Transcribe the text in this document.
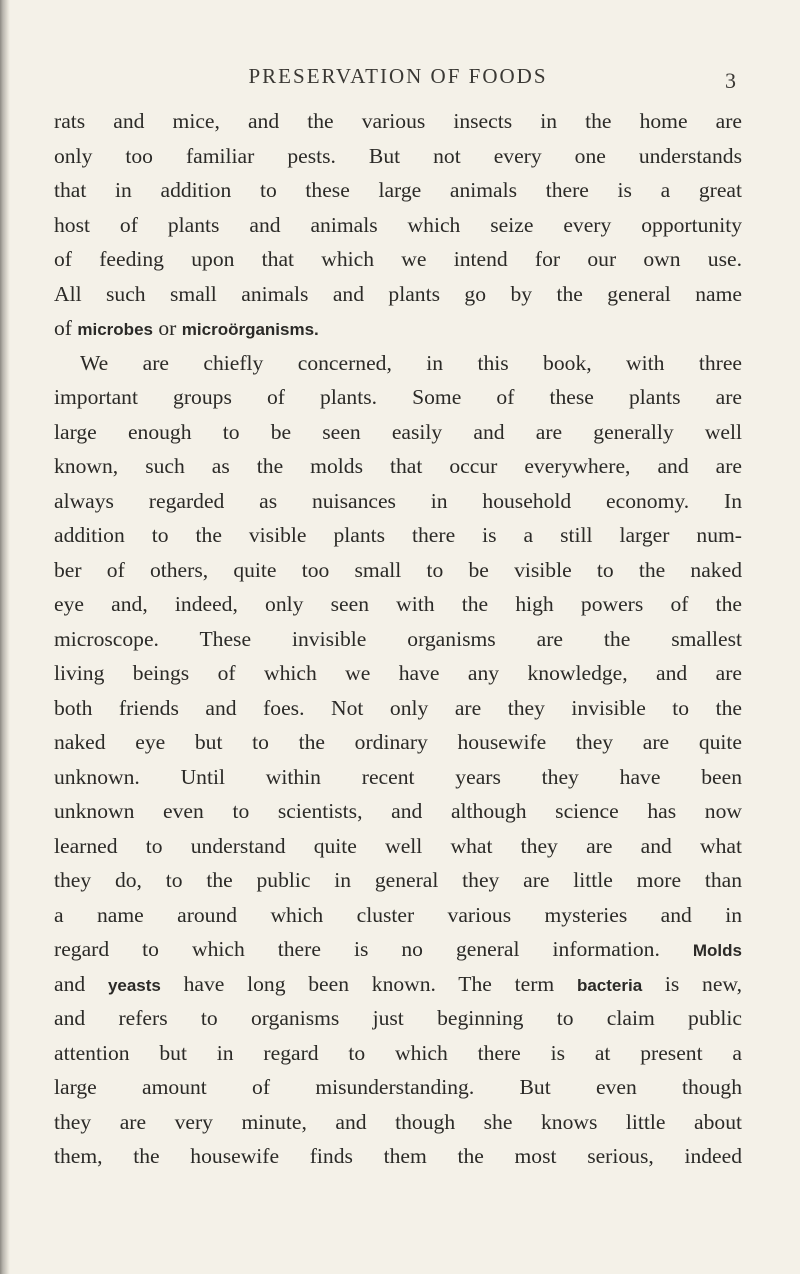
PRESERVATION OF FOODS	3
rats and mice, and the various insects in the home are
only too familiar pests. But not every one understands
that in addition to these large animals there is a great
host of plants and animals which seize every opportunity
of feeding upon that which we intend for our own use.
All such small animals and plants go by the general name
of microbes or microörganisms.
We are chiefly concerned, in this book, with three
important groups of plants. Some of these plants are
large enough to be seen easily and are generally well
known, such as the molds that occur everywhere, and are
always regarded as nuisances in household economy. In
addition to the visible plants there is a still larger num-
ber of others, quite too small to be visible to the naked
eye and, indeed, only seen with the high powers of the
microscope. These invisible organisms are the smallest
living beings of which we have any knowledge, and are
both friends and foes. Not only are they invisible to the
naked eye but to the ordinary housewife they are quite
unknown. Until within recent years they have been
unknown even to scientists, and although science has now
learned to understand quite well what they are and what
they do, to the public in general they are little more than
a name around which cluster various mysteries and in
regard to which there is no general information. Molds
and yeasts have long been known. The term bacteria is new,
and refers to organisms just beginning to claim public
attention but in regard to which there is at present a
large amount of misunderstanding. But even though
they are very minute, and though she knows little about
them, the housewife finds them the most serious, indeed
